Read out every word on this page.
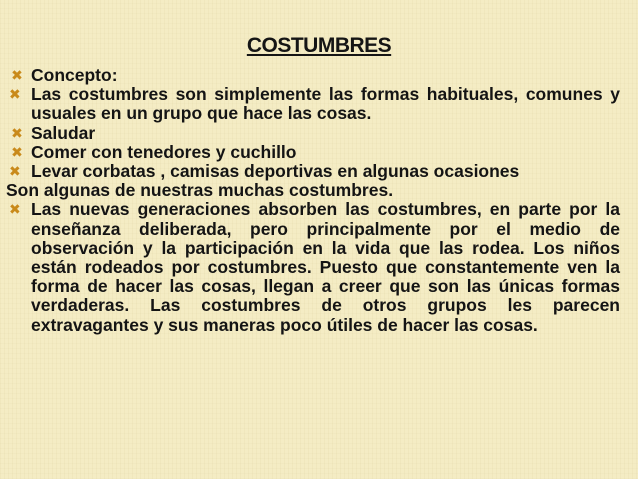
COSTUMBRES
✖ Concepto:
✖ Las costumbres son simplemente las formas habituales, comunes y usuales en un grupo que hace las cosas.
✖ Saludar
✖ Comer con tenedores y cuchillo
✖ Levar corbatas , camisas deportivas en algunas ocasiones

Son algunas de nuestras muchas costumbres.

✖ Las nuevas generaciones absorben las costumbres, en parte por la enseñanza deliberada, pero principalmente por el medio de observación y la participación en la vida que las rodea. Los niños están rodeados por costumbres. Puesto que constantemente ven la forma de hacer las cosas, llegan a creer que son las únicas formas verdaderas. Las costumbres de otros grupos les parecen extravagantes y sus maneras poco útiles de hacer las cosas.
